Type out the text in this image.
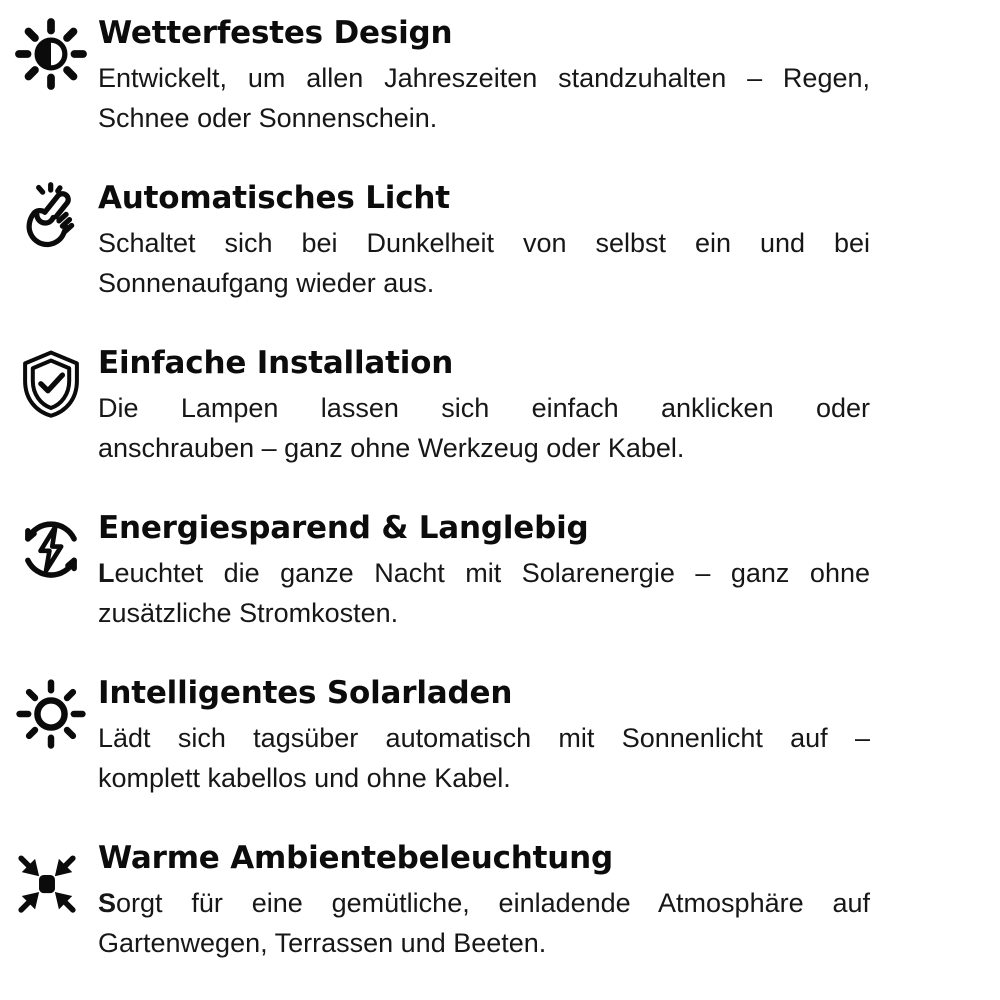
Wetterfestes Design

Entwickelt, um allen Jahreszeiten standzuhalten – Regen,
Schnee oder Sonnenschein.

Automatisches Licht

Schaltet sich bei Dunkelheit von selbst ein und bei
Sonnenaufgang wieder aus.

Einfache Installation

Die Lampen lassen sich einfach anklicken oder
anschrauben – ganz ohne Werkzeug oder Kabel.

Energiesparend & Langlebig

Leuchtet die ganze Nacht mit Solarenergie – ganz ohne
zusätzliche Stromkosten.

Intelligentes Solarladen

Lädt sich tagsüber automatisch mit Sonnenlicht auf –
komplett kabellos und ohne Kabel.

Warme Ambientebeleuchtung

Sorgt für eine gemütliche, einladende Atmosphäre auf
Gartenwegen, Terrassen und Beeten.
